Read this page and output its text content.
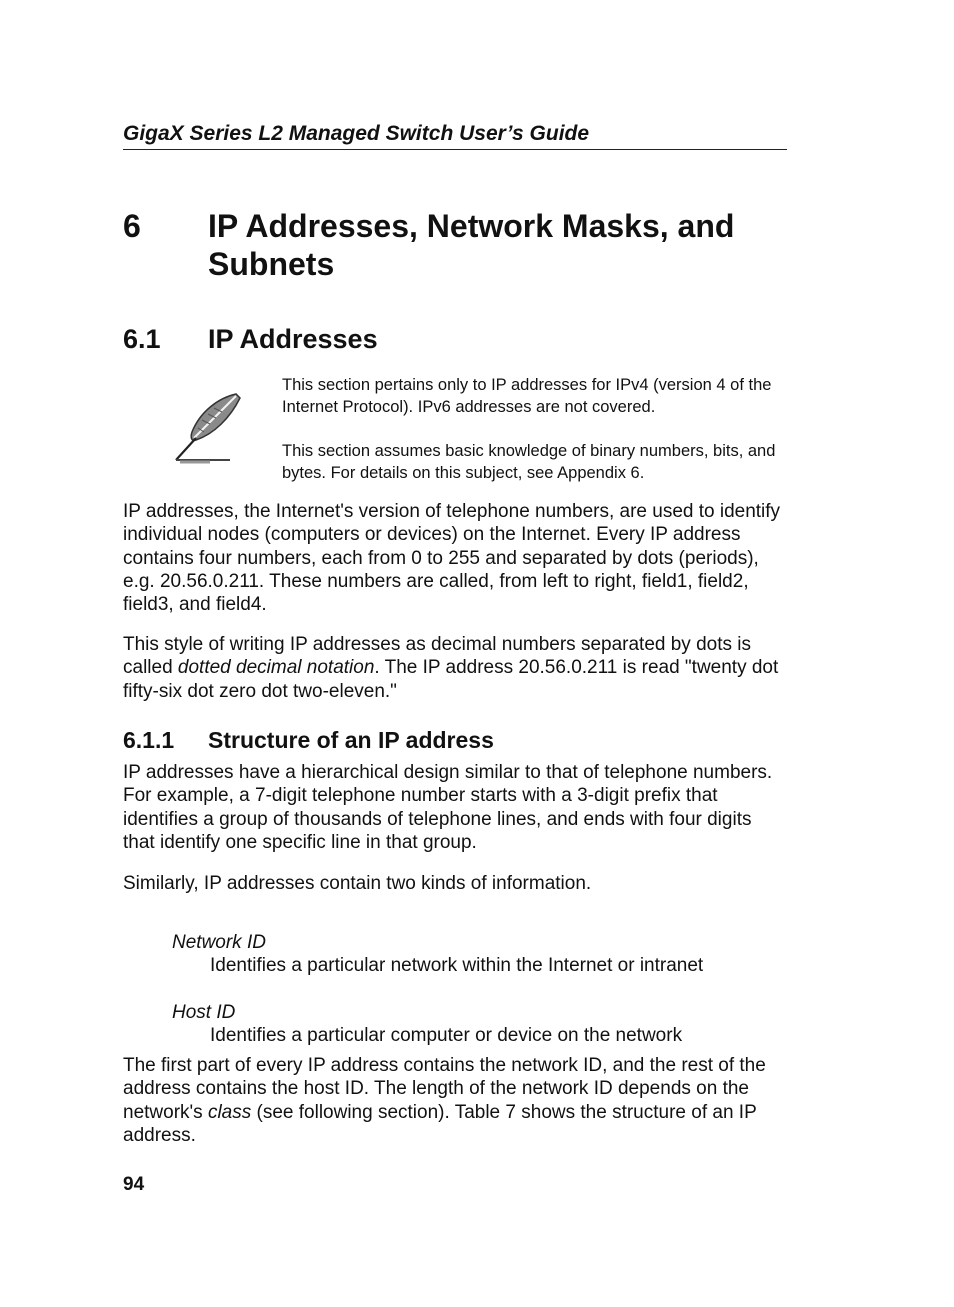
GigaX Series L2 Managed Switch User’s Guide
6 IP Addresses, Network Masks, and Subnets
6.1 IP Addresses
This section pertains only to IP addresses for IPv4 (version 4 of the Internet Protocol). IPv6 addresses are not covered.
This section assumes basic knowledge of binary numbers, bits, and bytes. For details on this subject, see Appendix 6.
IP addresses, the Internet's version of telephone numbers, are used to identify individual nodes (computers or devices) on the Internet. Every IP address contains four numbers, each from 0 to 255 and separated by dots (periods), e.g. 20.56.0.211. These numbers are called, from left to right, field1, field2, field3, and field4.
This style of writing IP addresses as decimal numbers separated by dots is called dotted decimal notation. The IP address 20.56.0.211 is read "twenty dot fifty-six dot zero dot two-eleven."
6.1.1 Structure of an IP address
IP addresses have a hierarchical design similar to that of telephone numbers. For example, a 7-digit telephone number starts with a 3-digit prefix that identifies a group of thousands of telephone lines, and ends with four digits that identify one specific line in that group.
Similarly, IP addresses contain two kinds of information.
Network ID
Identifies a particular network within the Internet or intranet
Host ID
Identifies a particular computer or device on the network
The first part of every IP address contains the network ID, and the rest of the address contains the host ID. The length of the network ID depends on the network's class (see following section). Table 7 shows the structure of an IP address.
94
